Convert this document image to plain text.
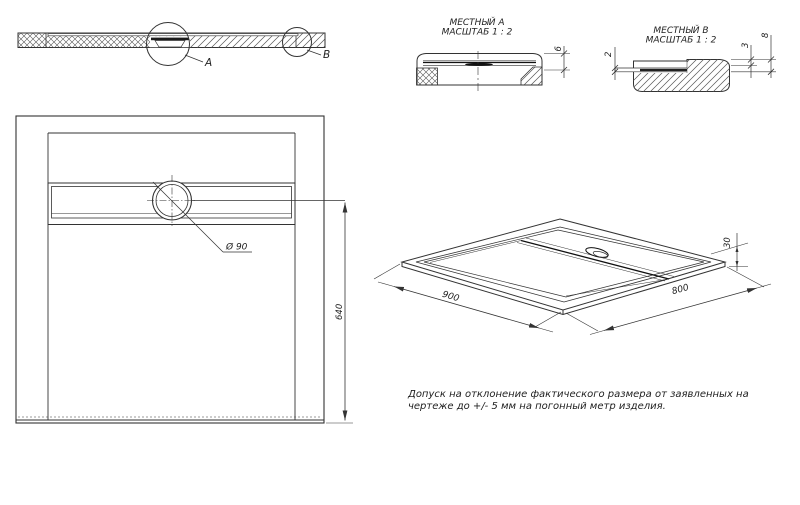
A
B
МЕСТНЫЙ А
МАСШТАБ 1 : 2
6
МЕСТНЫЙ В
МАСШТАБ 1 : 2
2
3
8
Ø 90
640
900	800
30
Допуск на отклонение фактического размера от заявленных на
чертеже до +/- 5 мм на погонный метр изделия.
